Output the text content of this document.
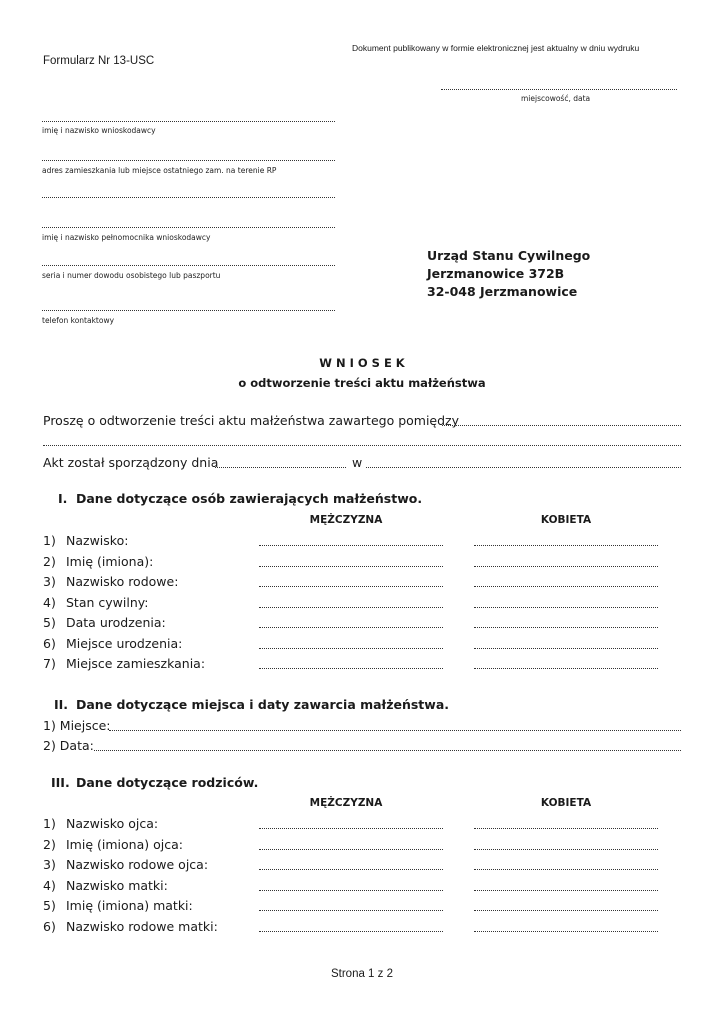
Dokument publikowany w formie elektronicznej jest aktualny w dniu wydruku
Formularz Nr 13-USC
miejscowość, data
imię i nazwisko wnioskodawcy
adres zamieszkania lub miejsce ostatniego zam. na terenie RP
imię i nazwisko pełnomocnika wnioskodawcy
seria i numer dowodu osobistego lub paszportu
telefon kontaktowy
Urząd Stanu Cywilnego
Jerzmanowice 372B
32-048 Jerzmanowice
W N I O S E K
o odtworzenie treści aktu małżeństwa
Proszę o odtworzenie treści aktu małżeństwa zawartego pomiędzy
Akt został sporządzony dnia	w
I. Dane dotyczące osób zawierających małżeństwo.
MĘŻCZYZNA	KOBIETA
1) Nazwisko:
2) Imię (imiona):
3) Nazwisko rodowe:
4) Stan cywilny:
5) Data urodzenia:
6) Miejsce urodzenia:
7) Miejsce zamieszkania:
II. Dane dotyczące miejsca i daty zawarcia małżeństwa.
1) Miejsce:
2) Data:
III. Dane dotyczące rodziców.
MĘŻCZYZNA	KOBIETA
1) Nazwisko ojca:
2) Imię (imiona) ojca:
3) Nazwisko rodowe ojca:
4) Nazwisko matki:
5) Imię (imiona) matki:
6) Nazwisko rodowe matki:
Strona 1 z 2
